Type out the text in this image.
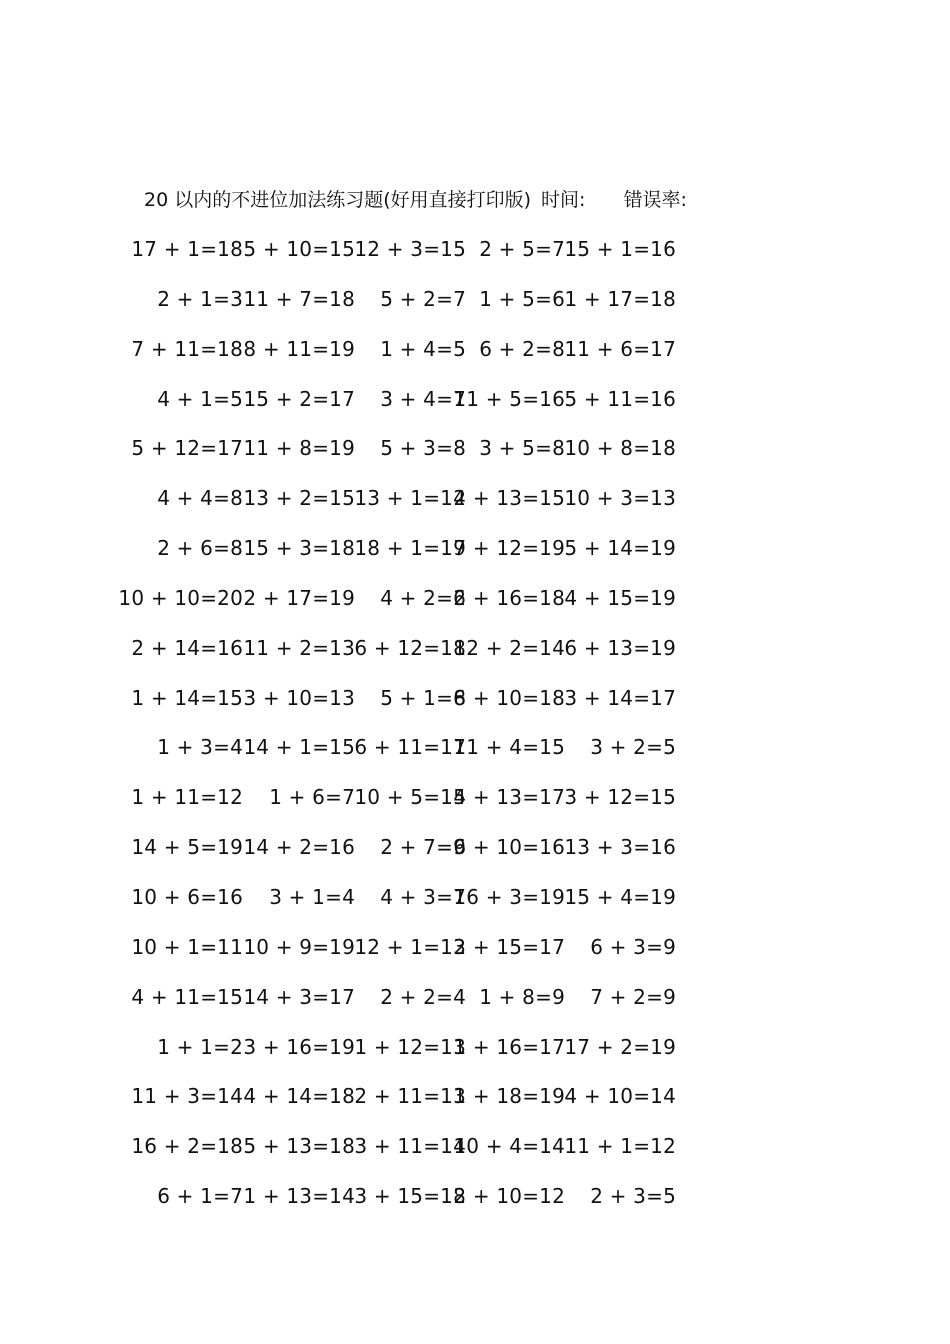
20 以内的不进位加法练习题(好用直接打印版) 时间: 错误率:
17 + 1=18 5 + 10=15 12 + 3=15 2 + 5=7 15 + 1=16
2 + 1=3 11 + 7=18 5 + 2=7 1 + 5=6 1 + 17=18
7 + 11=18 8 + 11=19 1 + 4=5 6 + 2=8 11 + 6=17
4 + 1=5 15 + 2=17 3 + 4=7
11 + 5=16 5 + 11=16
5 + 12=17 11 + 8=19 5 + 3=8 3 + 5=8 10 + 8=18
4 + 4=8 13 + 2=15 13 + 1=14
2 + 13=15 10 + 3=13
2 + 6=8 15 + 3=18 18 + 1=19
7 + 12=19 5 + 14=19
10 + 10=20 2 + 17=19 4 + 2=6
2 + 16=18 4 + 15=19
2 + 14=16 11 + 2=13 6 + 12=18
12 + 2=14 6 + 13=19
1 + 14=15 3 + 10=13 5 + 1=6
8 + 10=18 3 + 14=17
1 + 3=4 14 + 1=15 6 + 11=17
11 + 4=15 3 + 2=5
1 + 11=12 1 + 6=7 10 + 5=15
4 + 13=17 3 + 12=15
14 + 5=19 14 + 2=16 2 + 7=9
6 + 10=16 13 + 3=16
10 + 6=16 3 + 1=4 4 + 3=7
16 + 3=19 15 + 4=19
10 + 1=11 10 + 9=19 12 + 1=13
2 + 15=17 6 + 3=9
4 + 11=15 14 + 3=17 2 + 2=4 1 + 8=9 7 + 2=9
1 + 1=2 3 + 16=19 1 + 12=13
1 + 16=17 17 + 2=19
11 + 3=14 4 + 14=18 2 + 11=13
1 + 18=19 4 + 10=14
16 + 2=18 5 + 13=18 3 + 11=14
10 + 4=14 11 + 1=12
6 + 1=7 1 + 13=14 3 + 15=18
2 + 10=12 2 + 3=5
